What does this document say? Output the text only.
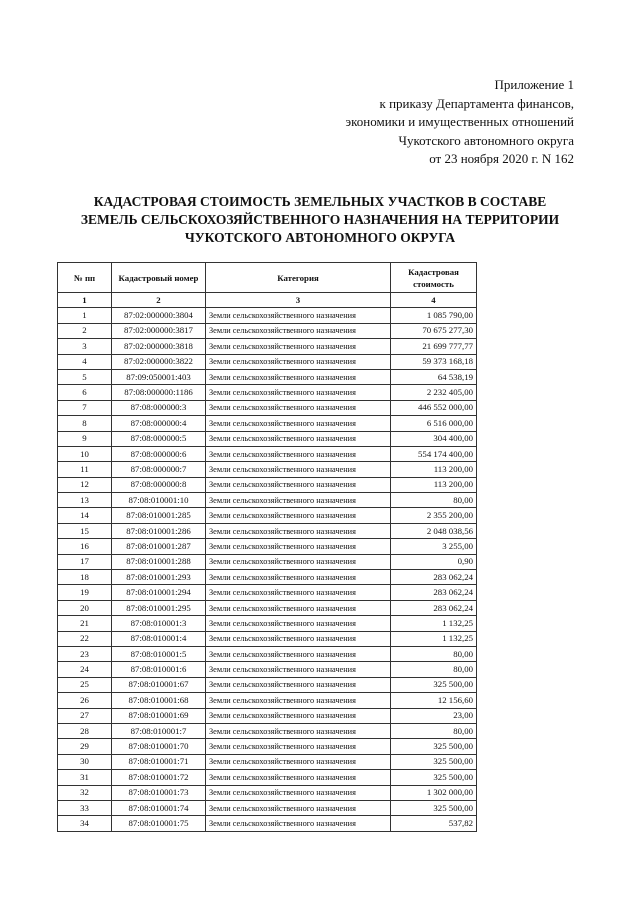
Приложение 1
к приказу Департамента финансов,
экономики и имущественных отношений
Чукотского автономного округа
от 23 ноября 2020 г. N 162
КАДАСТРОВАЯ СТОИМОСТЬ ЗЕМЕЛЬНЫХ УЧАСТКОВ В СОСТАВЕ
ЗЕМЕЛЬ СЕЛЬСКОХОЗЯЙСТВЕННОГО НАЗНАЧЕНИЯ НА ТЕРРИТОРИИ
ЧУКОТСКОГО АВТОНОМНОГО ОКРУГА
№ пп	Кадастровый номер	Категория	Кадастровая стоимость
1	2	3	4
1	87:02:000000:3804	Земли сельскохозяйственного назначения	1 085 790,00
2	87:02:000000:3817	Земли сельскохозяйственного назначения	70 675 277,30
3	87:02:000000:3818	Земли сельскохозяйственного назначения	21 699 777,77
4	87:02:000000:3822	Земли сельскохозяйственного назначения	59 373 168,18
5	87:09:050001:403	Земли сельскохозяйственного назначения	64 538,19
6	87:08:000000:1186	Земли сельскохозяйственного назначения	2 232 405,00
7	87:08:000000:3	Земли сельскохозяйственного назначения	446 552 000,00
8	87:08:000000:4	Земли сельскохозяйственного назначения	6 516 000,00
9	87:08:000000:5	Земли сельскохозяйственного назначения	304 400,00
10	87:08:000000:6	Земли сельскохозяйственного назначения	554 174 400,00
11	87:08:000000:7	Земли сельскохозяйственного назначения	113 200,00
12	87:08:000000:8	Земли сельскохозяйственного назначения	113 200,00
13	87:08:010001:10	Земли сельскохозяйственного назначения	80,00
14	87:08:010001:285	Земли сельскохозяйственного назначения	2 355 200,00
15	87:08:010001:286	Земли сельскохозяйственного назначения	2 048 038,56
16	87:08:010001:287	Земли сельскохозяйственного назначения	3 255,00
17	87:08:010001:288	Земли сельскохозяйственного назначения	0,90
18	87:08:010001:293	Земли сельскохозяйственного назначения	283 062,24
19	87:08:010001:294	Земли сельскохозяйственного назначения	283 062,24
20	87:08:010001:295	Земли сельскохозяйственного назначения	283 062,24
21	87:08:010001:3	Земли сельскохозяйственного назначения	1 132,25
22	87:08:010001:4	Земли сельскохозяйственного назначения	1 132,25
23	87:08:010001:5	Земли сельскохозяйственного назначения	80,00
24	87:08:010001:6	Земли сельскохозяйственного назначения	80,00
25	87:08:010001:67	Земли сельскохозяйственного назначения	325 500,00
26	87:08:010001:68	Земли сельскохозяйственного назначения	12 156,60
27	87:08:010001:69	Земли сельскохозяйственного назначения	23,00
28	87:08:010001:7	Земли сельскохозяйственного назначения	80,00
29	87:08:010001:70	Земли сельскохозяйственного назначения	325 500,00
30	87:08:010001:71	Земли сельскохозяйственного назначения	325 500,00
31	87:08:010001:72	Земли сельскохозяйственного назначения	325 500,00
32	87:08:010001:73	Земли сельскохозяйственного назначения	1 302 000,00
33	87:08:010001:74	Земли сельскохозяйственного назначения	325 500,00
34	87:08:010001:75	Земли сельскохозяйственного назначения	537,82
